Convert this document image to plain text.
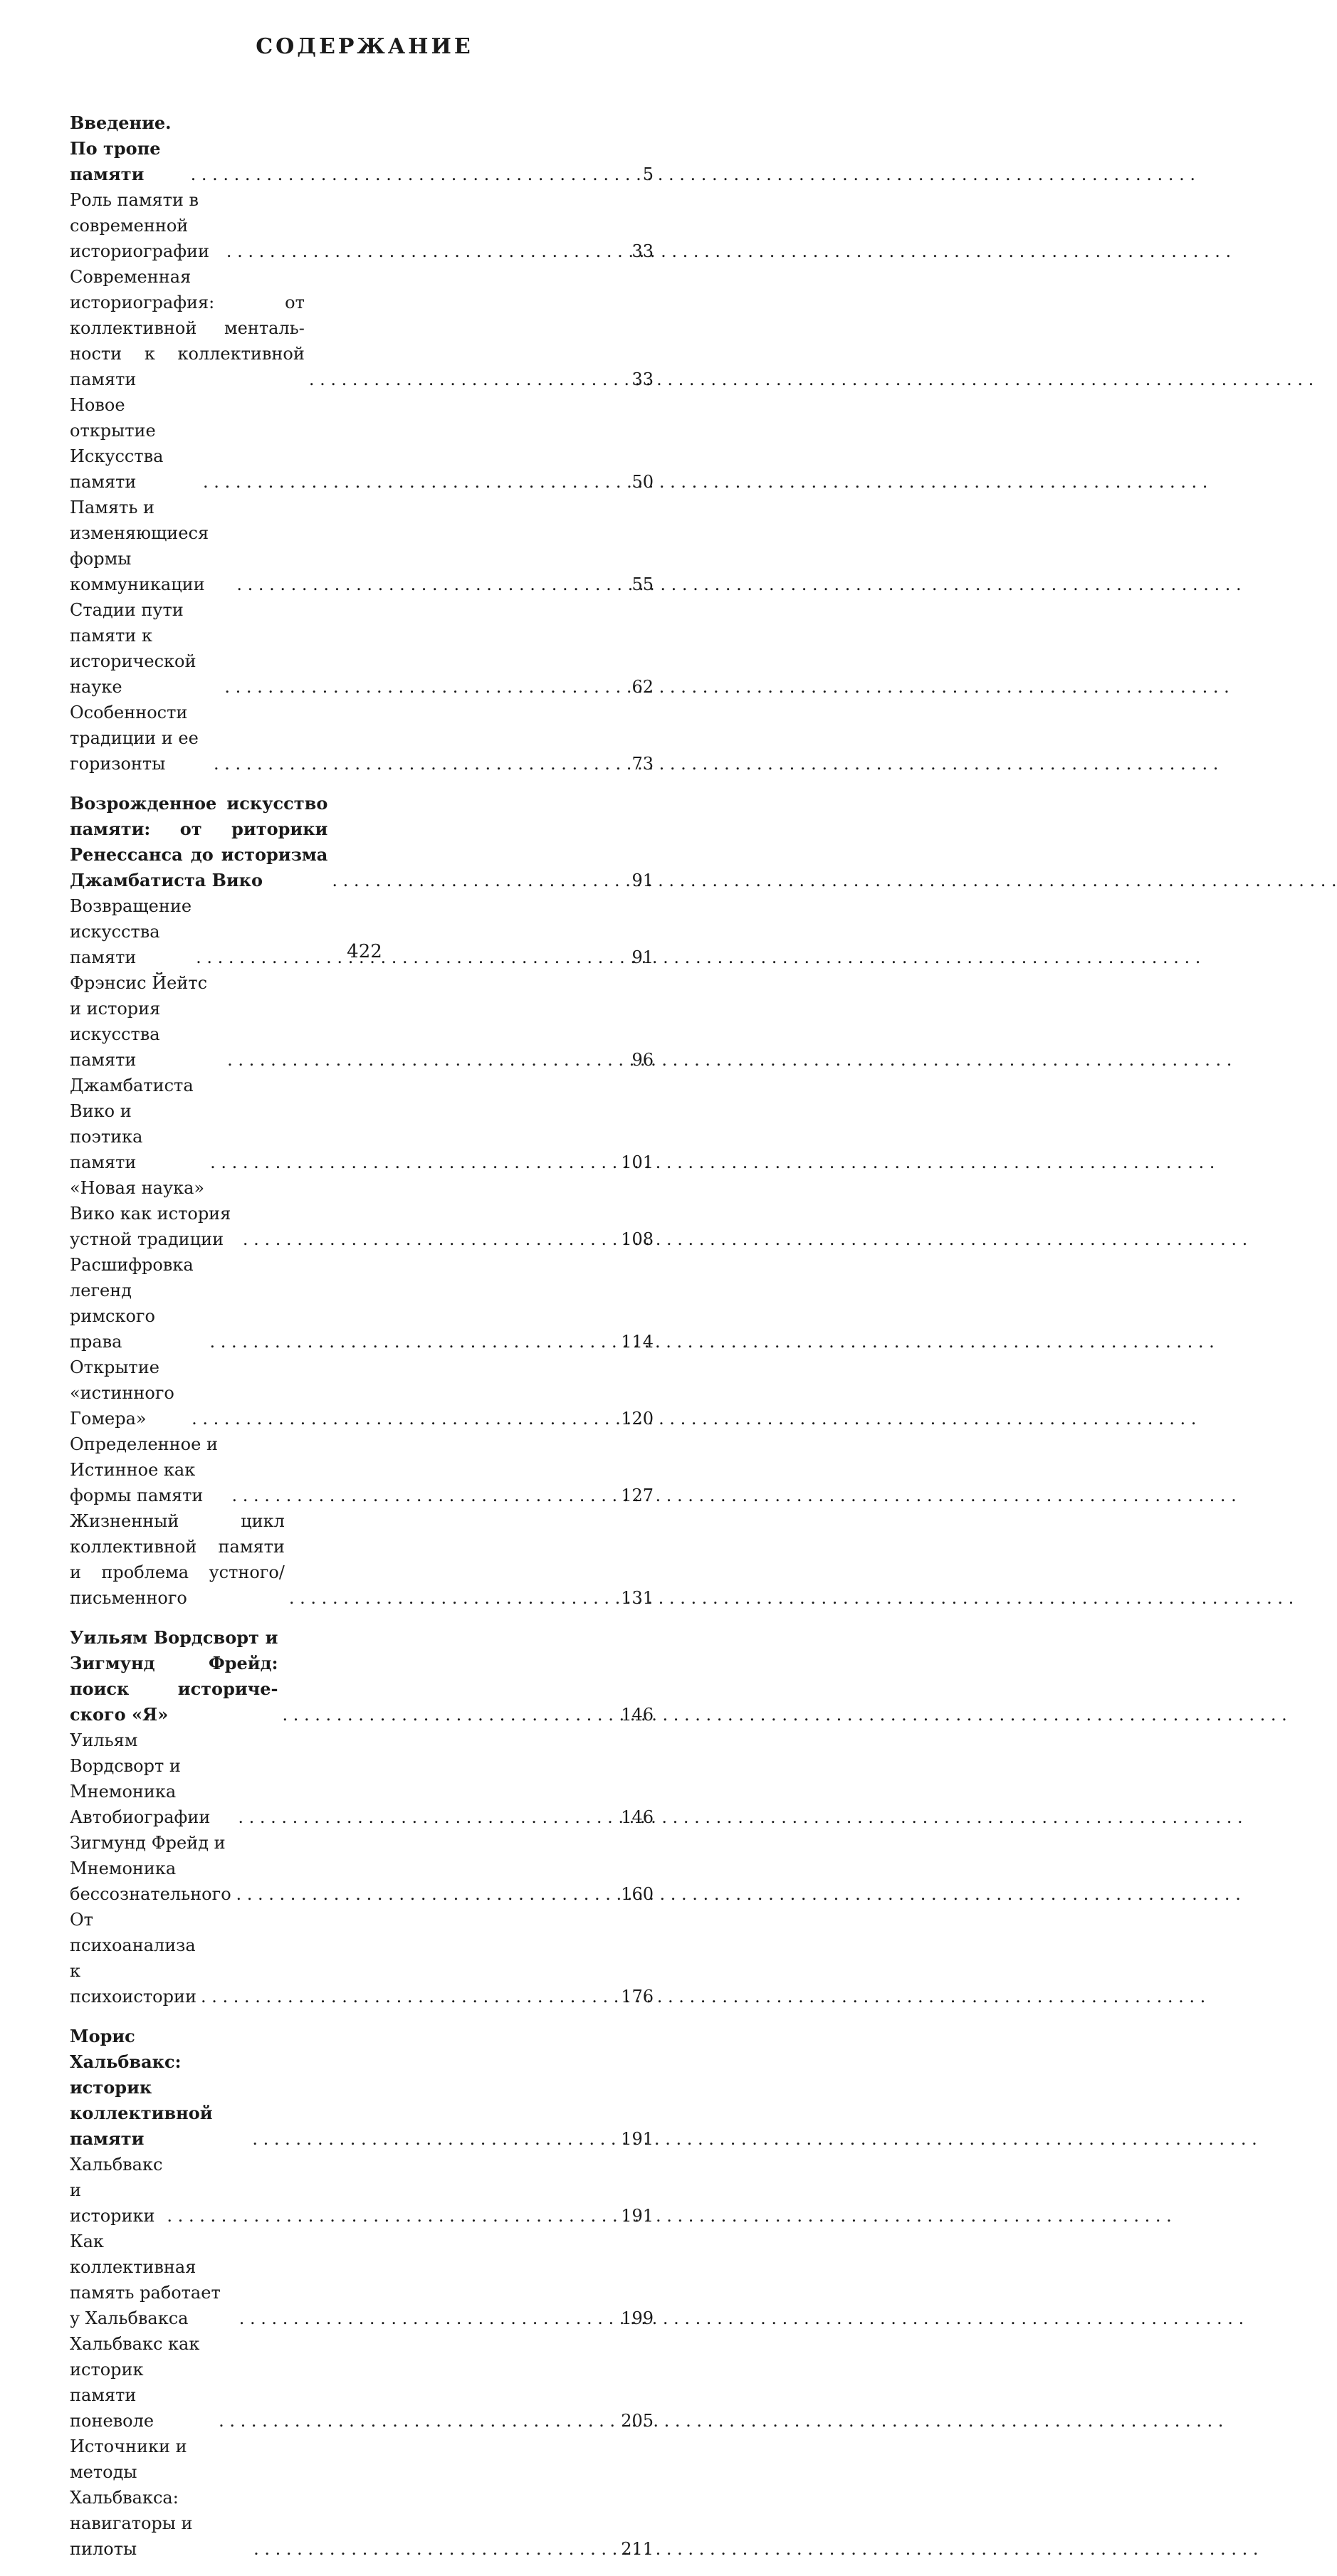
СОДЕРЖАНИЕ
Введение. По тропе памяти . . .	5
Роль памяти в современной историографии . . .	33
Современная историография: от коллективной ментальности к коллективной памяти . . .	33
Новое открытие Искусства памяти . . .	50
Память и изменяющиеся формы коммуникации . . .	55
Стадии пути памяти к исторической науке . . .	62
Особенности традиции и ее горизонты . . .	73
Возрожденное искусство памяти: от риторики Ренессанса до историзма Джамбатиста Вико . . .	91
Возвращение искусства памяти . . .	91
Фрэнсис Йейтс и история искусства памяти . . .	96
Джамбатиста Вико и поэтика памяти . . .	101
«Новая наука» Вико как история устной традиции . . .	108
Расшифровка легенд римского права . . .	114
Открытие «истинного Гомера» . . .	120
Определенное и Истинное как формы памяти . . .	127
Жизненный цикл коллективной памяти и проблема устного/письменного . . .	131
Уильям Вордсворт и Зигмунд Фрейд: поиск исторического «Я» . . .	146
Уильям Вордсворт и Мнемоника Автобиографии . . .	146
Зигмунд Фрейд и Мнемоника бессознательного . . .	160
От психоанализа к психоистории . . .	176
Морис Хальбвакс: историк коллективной памяти . . .	191
Хальбвакс и историки . . .	191
Как коллективная память работает у Хальбвакса . . .	199
Хальбвакс как историк памяти поневоле . . .	205
Источники и методы Хальбвакса: навигаторы и пилоты . . .	211
422
